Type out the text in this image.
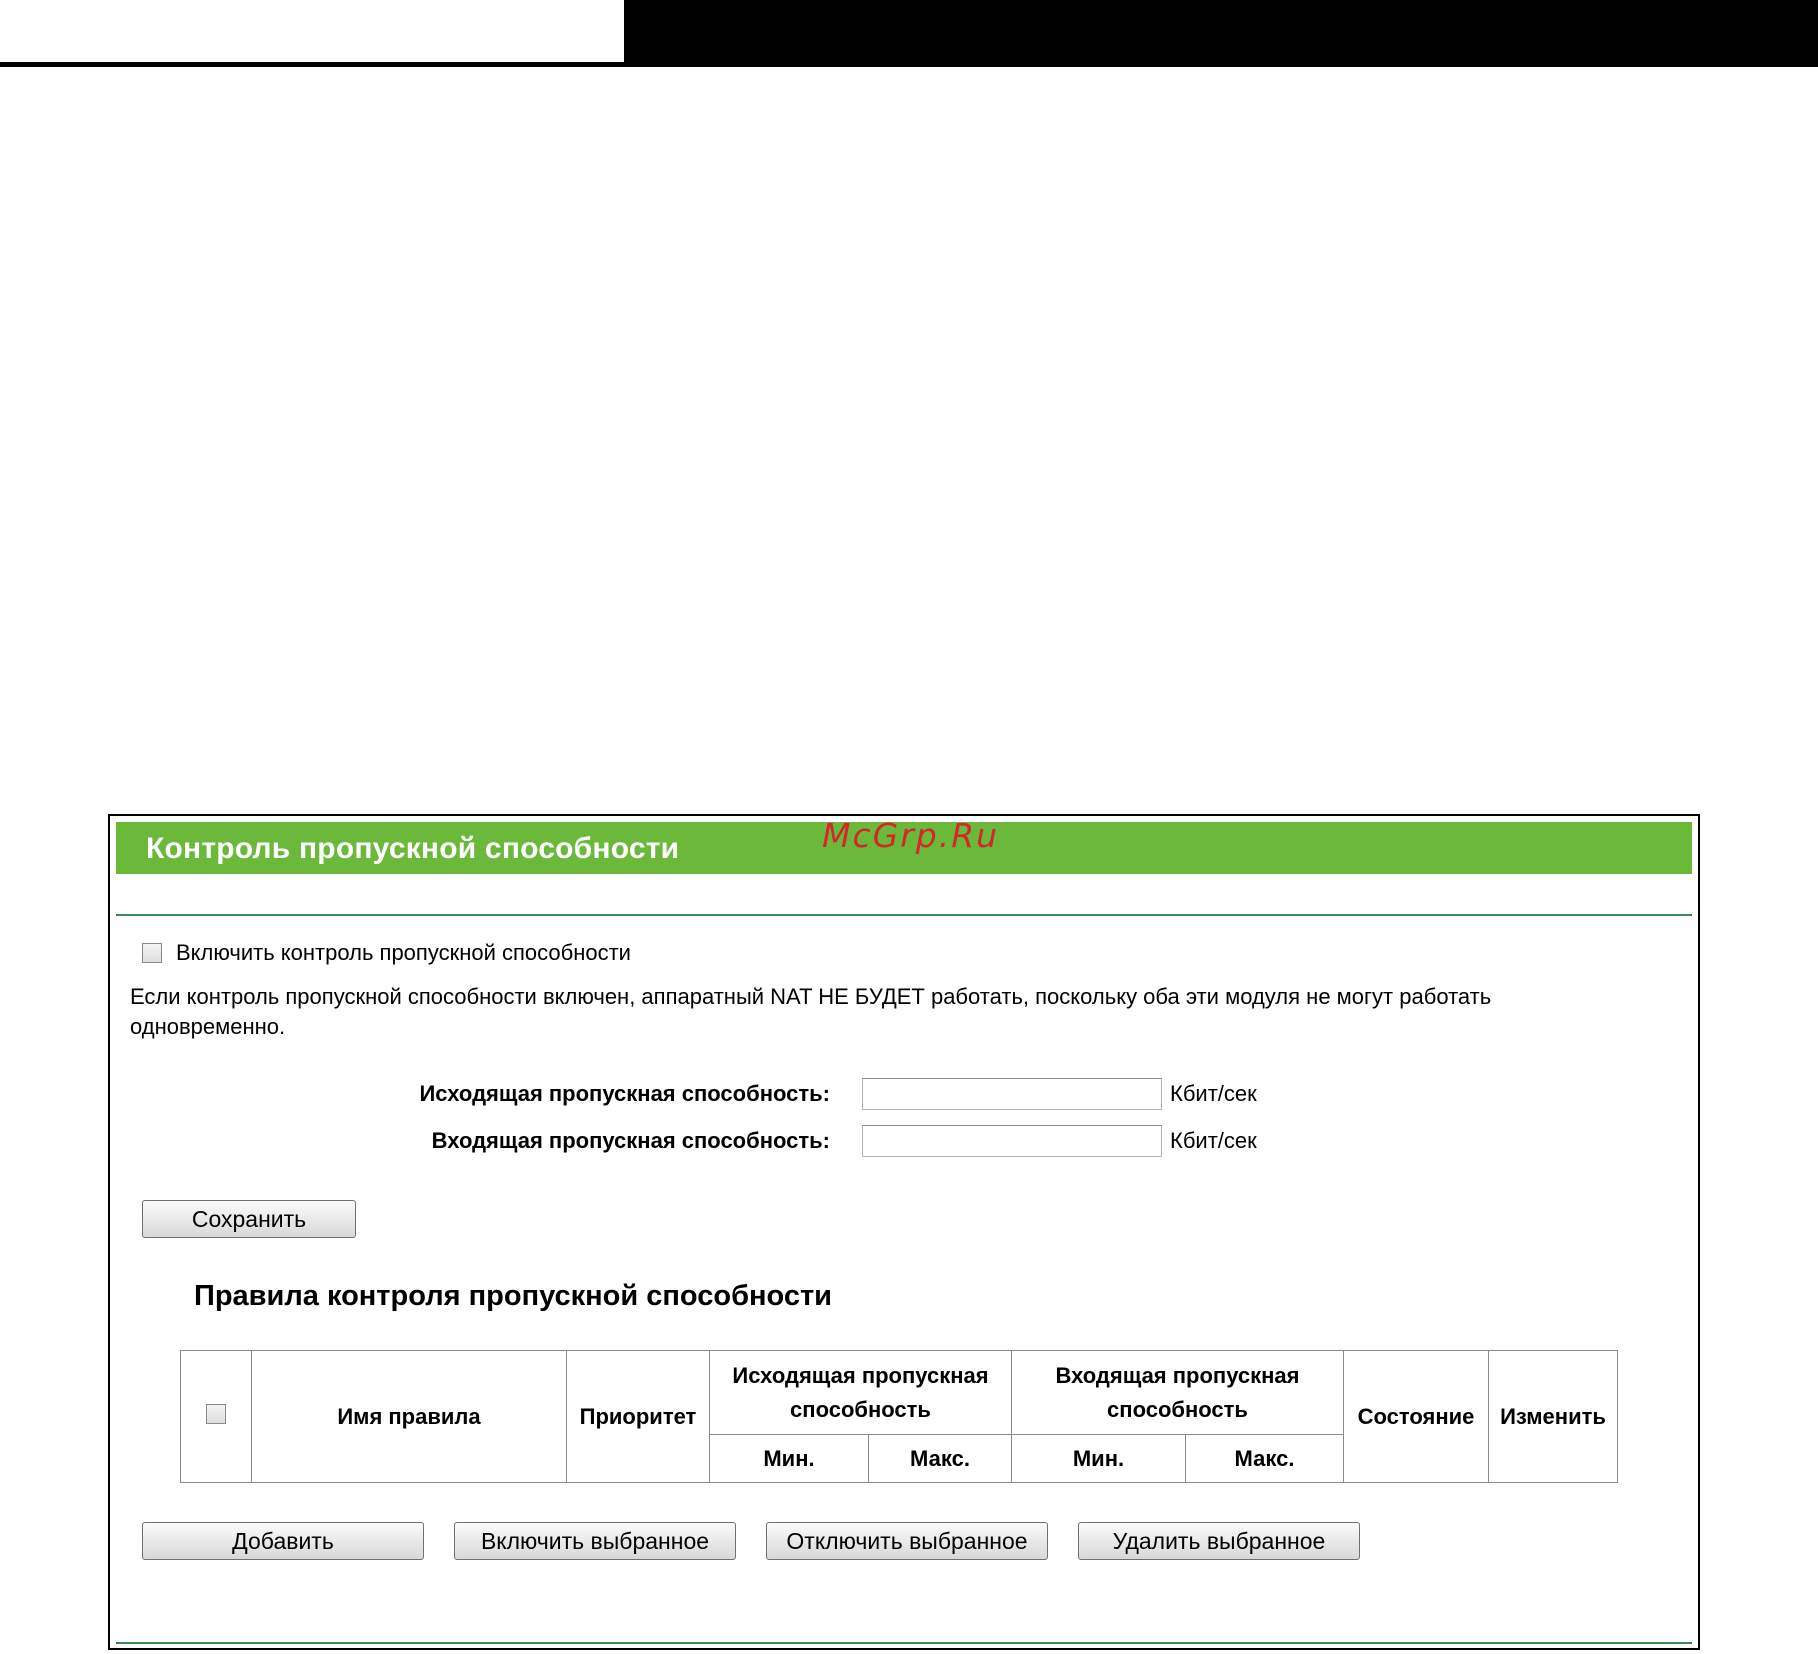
Контроль пропускной способности	McGrp.Ru
Включить контроль пропускной способности
Если контроль пропускной способности включен, аппаратный NAT НЕ БУДЕТ работать, поскольку оба эти модуля не могут работать одновременно.
Исходящая пропускная способность:	Кбит/сек
Входящая пропускная способность:	Кбит/сек
Сохранить
Правила контроля пропускной способности
	Имя правила	Приоритет	Исходящая пропускная способность		Входящая пропускная способность		Состояние	Изменить
			Мин.	Макс.	Мин.	Макс.		
Добавить	Включить выбранное	Отключить выбранное	Удалить выбранное
